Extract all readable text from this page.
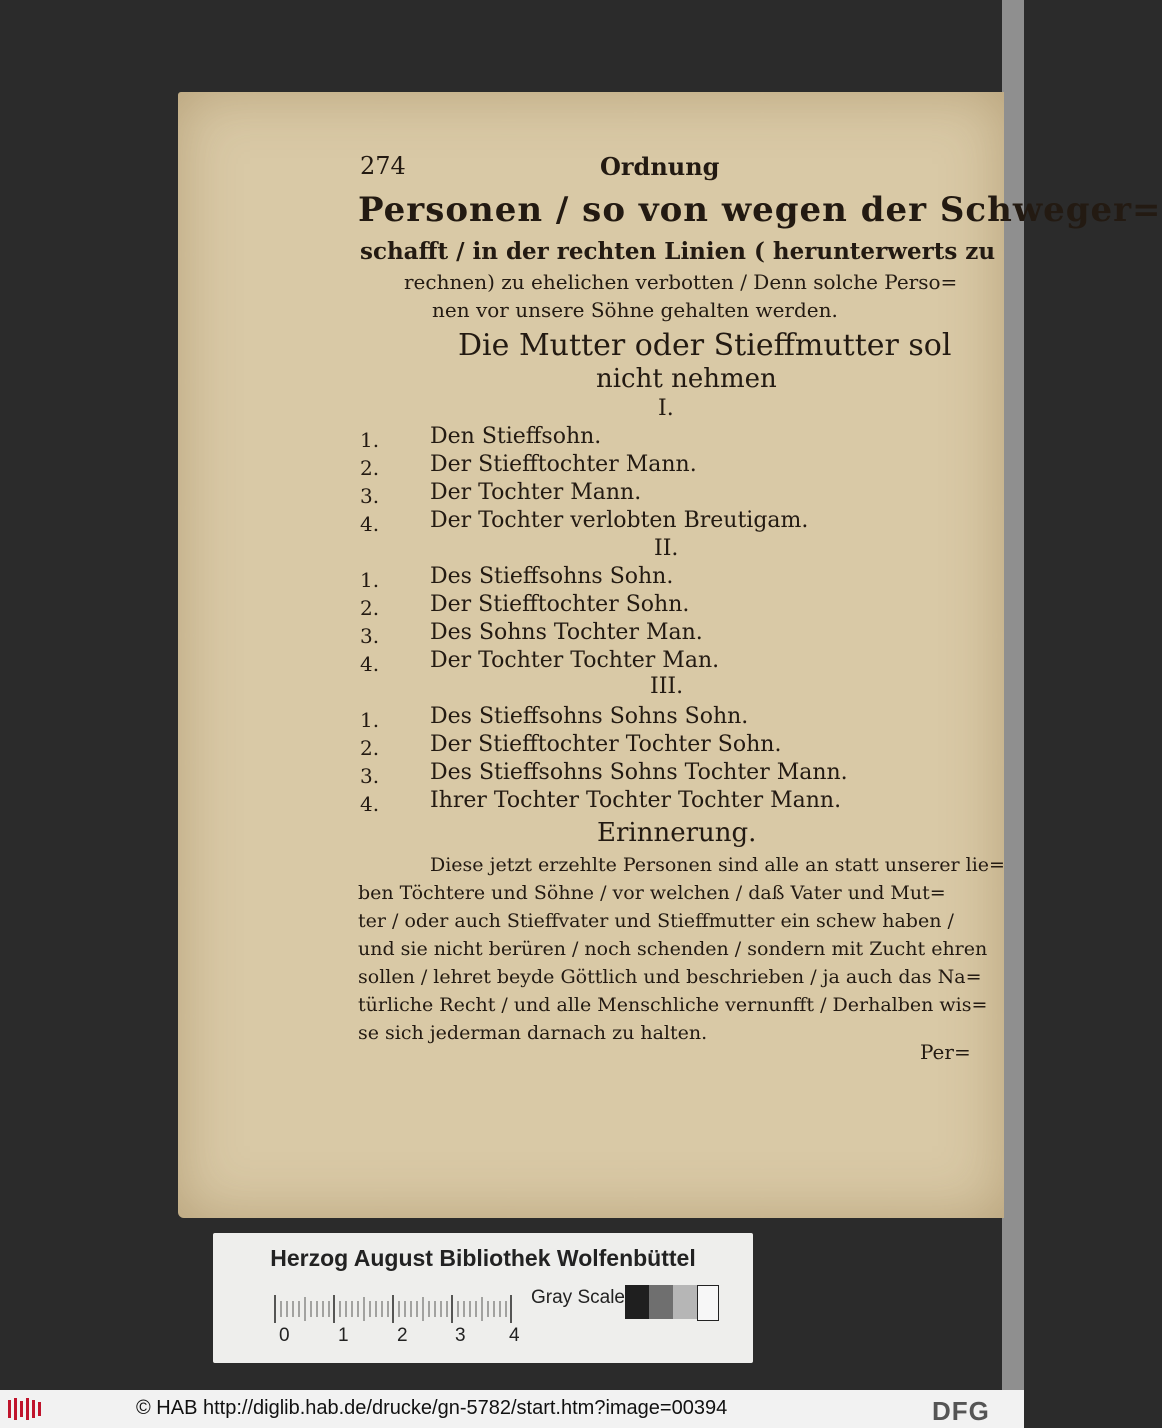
274	Ordnung
Personen / so von wegen der Schweger=
schafft / in der rechten Linien ( herunterwerts zu
rechnen) zu ehelichen verbotten / Denn solche Perso=
nen vor unsere Söhne gehalten werden.
Die Mutter oder Stieffmutter sol
nicht nehmen
I.
1. Den Stieffsohn.
2. Der Stiefftochter Mann.
3. Der Tochter Mann.
4. Der Tochter verlobten Breutigam.
II.
1. Des Stieffsohns Sohn.
2. Der Stiefftochter Sohn.
3. Des Sohns Tochter Man.
4. Der Tochter Tochter Man.
III.
1. Des Stieffsohns Sohns Sohn.
2. Der Stiefftochter Tochter Sohn.
3. Des Stieffsohns Sohns Tochter Mann.
4. Ihrer Tochter Tochter Tochter Mann.
Erinnerung.
Diese jetzt erzehlte Personen sind alle an statt unserer lie=
ben Töchtere und Söhne / vor welchen / daß Vater und Mut=
ter / oder auch Stieffvater und Stieffmutter ein schew haben /
und sie nicht berüren / noch schenden / sondern mit Zucht ehren
sollen / lehret beyde Göttlich und beschrieben / ja auch das Na=
türliche Recht / und alle Menschliche vernunfft / Derhalben wis=
se sich jederman darnach zu halten.
Per=
Herzog August Bibliothek Wolfenbüttel
0	1	2 3 4
Gray Scale
© HAB http://diglib.hab.de/drucke/gn-5782/start.htm?image=00394	DFG
